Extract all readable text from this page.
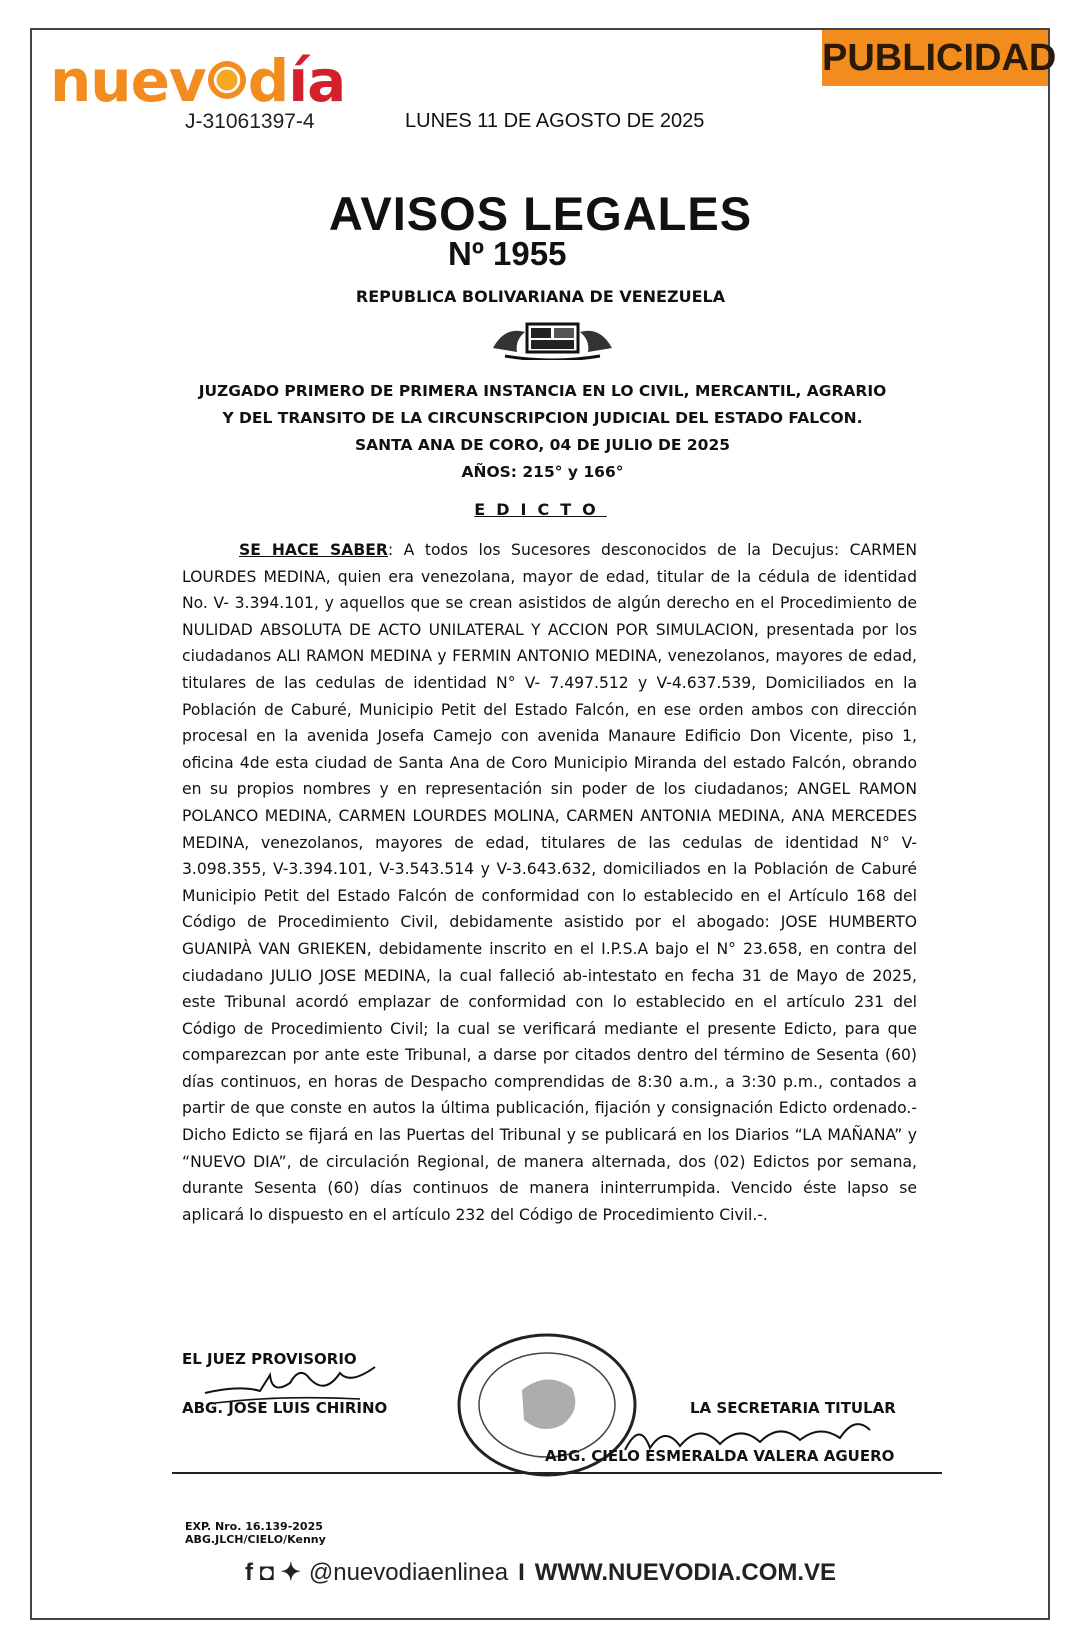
nuev día
J-31061397-4	LUNES 11 DE AGOSTO DE 2025
PUBLICIDAD
AVISOS LEGALES
Nº 1955
REPUBLICA BOLIVARIANA DE VENEZUELA
JUZGADO PRIMERO DE PRIMERA INSTANCIA EN LO CIVIL, MERCANTIL, AGRARIO
Y DEL TRANSITO DE LA CIRCUNSCRIPCION JUDICIAL DEL ESTADO FALCON.
SANTA ANA DE CORO, 04 DE JULIO DE 2025
AÑOS: 215° y 166°
EDICTO

SE HACE SABER: A todos los Sucesores desconocidos de la Decujus: CARMEN LOURDES MEDINA, quien era venezolana, mayor de edad, titular de la cédula de identidad No. V- 3.394.101, y aquellos que se crean asistidos de algún derecho en el Procedimiento de NULIDAD ABSOLUTA DE ACTO UNILATERAL Y ACCION POR SIMULACION, presentada por los ciudadanos ALI RAMON MEDINA y FERMIN ANTONIO MEDINA, venezolanos, mayores de edad, titulares de las cedulas de identidad N° V- 7.497.512 y V-4.637.539, Domiciliados en la Población de Caburé, Municipio Petit del Estado Falcón, en ese orden ambos con dirección procesal en la avenida Josefa Camejo con avenida Manaure Edificio Don Vicente, piso 1, oficina 4de esta ciudad de Santa Ana de Coro Municipio Miranda del estado Falcón, obrando en su propios nombres y en representación sin poder de los ciudadanos; ANGEL RAMON POLANCO MEDINA, CARMEN LOURDES MOLINA, CARMEN ANTONIA MEDINA, ANA MERCEDES MEDINA, venezolanos, mayores de edad, titulares de las cedulas de identidad N° V-3.098.355, V-3.394.101, V-3.543.514 y V-3.643.632, domiciliados en la Población de Caburé Municipio Petit del Estado Falcón de conformidad con lo establecido en el Artículo 168 del Código de Procedimiento Civil, debidamente asistido por el abogado: JOSE HUMBERTO GUANIPÀ VAN GRIEKEN, debidamente inscrito en el I.P.S.A bajo el N° 23.658, en contra del ciudadano JULIO JOSE MEDINA, la cual falleció ab-intestato en fecha 31 de Mayo de 2025, este Tribunal acordó emplazar de conformidad con lo establecido en el artículo 231 del Código de Procedimiento Civil; la cual se verificará mediante el presente Edicto, para que comparezcan por ante este Tribunal, a darse por citados dentro del término de Sesenta (60) días continuos, en horas de Despacho comprendidas de 8:30 a.m., a 3:30 p.m., contados a partir de que conste en autos la última publicación, fijación y consignación Edicto ordenado.- Dicho Edicto se fijará en las Puertas del Tribunal y se publicará en los Diarios “LA MAÑANA” y “NUEVO DIA”, de circulación Regional, de manera alternada, dos (02) Edictos por semana, durante Sesenta (60) días continuos de manera ininterrumpida. Vencido éste lapso se aplicará lo dispuesto en el artículo 232 del Código de Procedimiento Civil.-.

EL JUEZ PROVISORIO
ABG. JOSE LUIS CHIRINO	LA SECRETARIA TITULAR
ABG. CIELO ESMERALDA VALERA AGUERO
EXP. Nro. 16.139-2025
ABG.JLCH/CIELO/Kenny
f ◘ ✦ @nuevodiaenlinea I WWW.NUEVODIA.COM.VE
